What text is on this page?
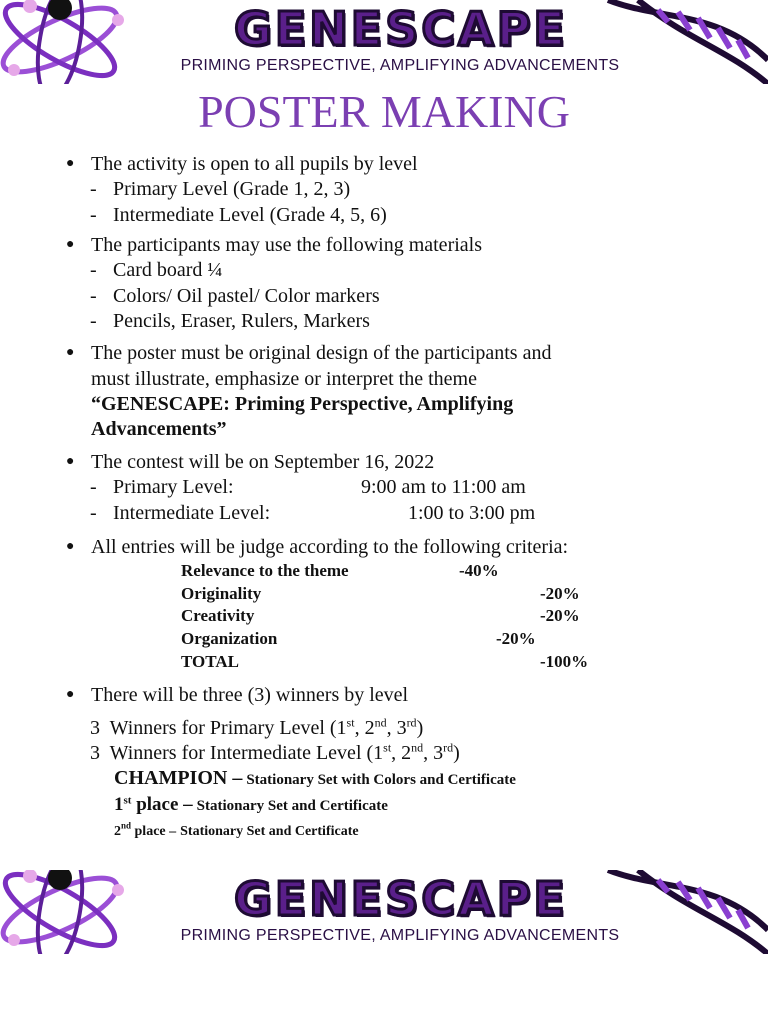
GENESCAPE
PRIMING PERSPECTIVE, AMPLIFYING ADVANCEMENTS
POSTER MAKING
● The activity is open to all pupils by level
- Primary Level (Grade 1, 2, 3)
- Intermediate Level (Grade 4, 5, 6)
● The participants may use the following materials
- Card board ¼
- Colors/ Oil pastel/ Color markers
- Pencils, Eraser, Rulers, Markers
● The poster must be original design of the participants and
must illustrate, emphasize or interpret the theme
“GENESCAPE: Priming Perspective, Amplifying
Advancements”
● The contest will be on September 16, 2022
- Primary Level:	9:00 am to 11:00 am
- Intermediate Level:	1:00 to 3:00 pm
● All entries will be judge according to the following criteria:
Relevance to the theme	-40%
Originality	-20%
Creativity	-20%
Organization	-20%
TOTAL	-100%
● There will be three (3) winners by level
3  Winners for Primary Level (1st, 2nd, 3rd)
3  Winners for Intermediate Level (1st, 2nd, 3rd)
CHAMPION – Stationary Set with Colors and Certificate
1st place – Stationary Set and Certificate
2nd place – Stationary Set and Certificate
GENESCAPE
PRIMING PERSPECTIVE, AMPLIFYING ADVANCEMENTS
